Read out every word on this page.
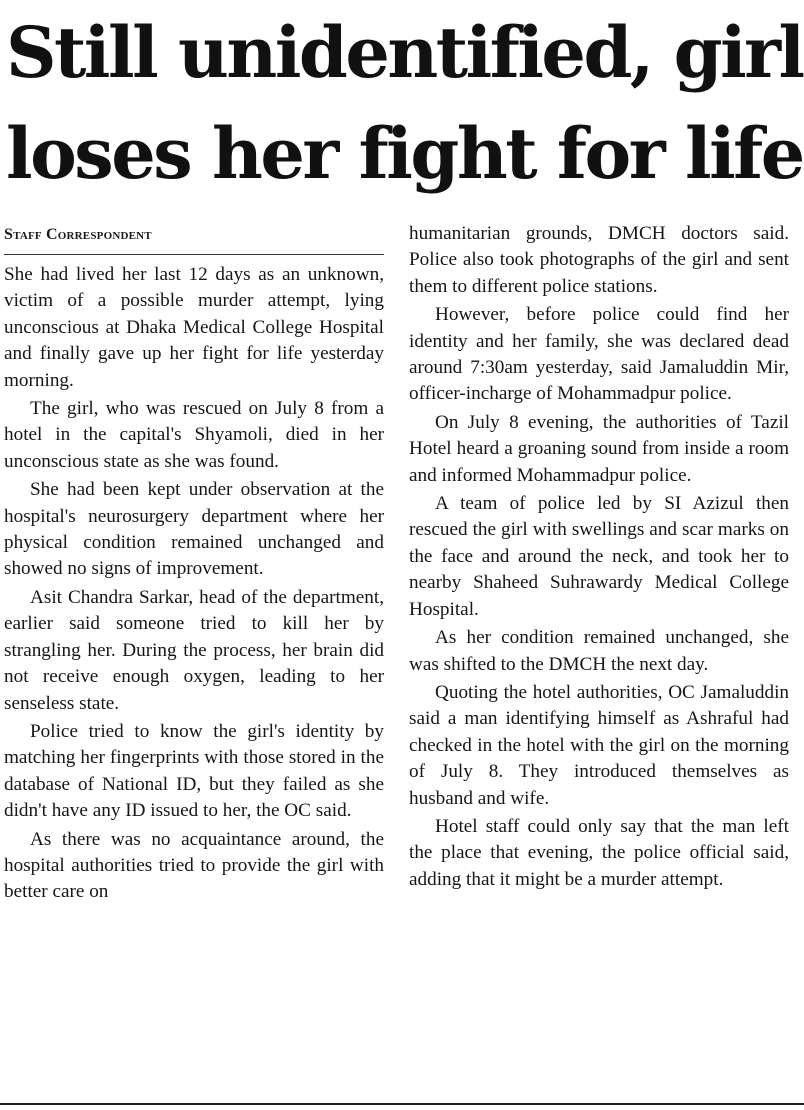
Still unidentified, girl
loses her fight for life
Staff Correspondent

She had lived her last 12 days as an unknown, victim of a possible murder attempt, lying unconscious at Dhaka Medical College Hospital and finally gave up her fight for life yesterday morning.

The girl, who was rescued on July 8 from a hotel in the capital's Shyamoli, died in her unconscious state as she was found.

She had been kept under observation at the hospital's neurosurgery department where her physical condition remained unchanged and showed no signs of improvement.

Asit Chandra Sarkar, head of the department, earlier said someone tried to kill her by strangling her. During the process, her brain did not receive enough oxygen, leading to her senseless state.

Police tried to know the girl's identity by matching her fingerprints with those stored in the database of National ID, but they failed as she didn't have any ID issued to her, the OC said.

As there was no acquaintance around, the hospital authorities tried to provide the girl with better care on

humanitarian grounds, DMCH doctors said. Police also took photographs of the girl and sent them to different police stations.

However, before police could find her identity and her family, she was declared dead around 7:30am yesterday, said Jamaluddin Mir, officer-incharge of Mohammadpur police.

On July 8 evening, the authorities of Tazil Hotel heard a groaning sound from inside a room and informed Mohammadpur police.

A team of police led by SI Azizul then rescued the girl with swellings and scar marks on the face and around the neck, and took her to nearby Shaheed Suhrawardy Medical College Hospital.

As her condition remained unchanged, she was shifted to the DMCH the next day.

Quoting the hotel authorities, OC Jamaluddin said a man identifying himself as Ashraful had checked in the hotel with the girl on the morning of July 8. They introduced themselves as husband and wife.

Hotel staff could only say that the man left the place that evening, the police official said, adding that it might be a murder attempt.
